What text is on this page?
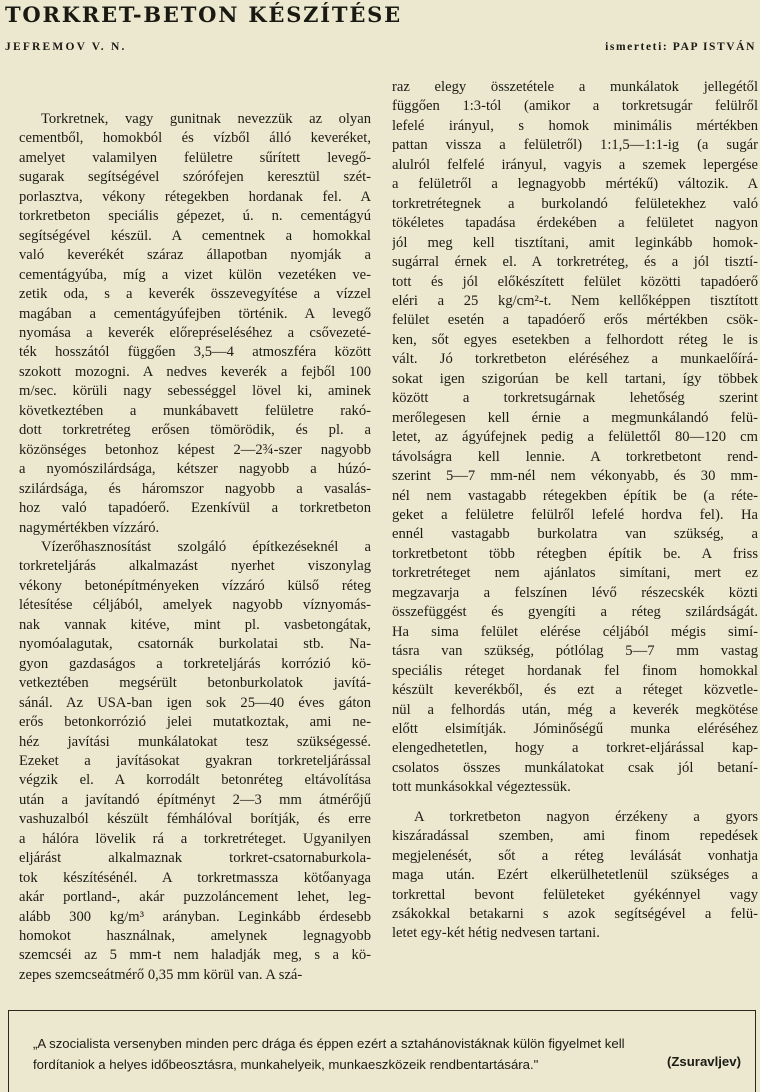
TORKRET-BETON KÉSZÍTÉSE
JEFREMOV V. N.	ismerteti: PAP ISTVÁN
Torkretnek, vagy gunitnak nevezzük az olyan
cementből, homokból és vízből álló keveréket,
amelyet valamilyen felületre sűrített levegő-
sugarak segítségével szórófejen keresztül szét-
porlasztva, vékony rétegekben hordanak fel. A
torkretbeton speciális gépezet, ú. n. cementágyú
segítségével készül. A cementnek a homokkal
való keverékét száraz állapotban nyomják a
cementágyúba, míg a vizet külön vezetéken ve-
zetik oda, s a keverék összevegyítése a vízzel
magában a cementágyúfejben történik. A levegő
nyomása a keverék előrepréseléséhez a csővezeté-
ték hosszától függően 3,5—4 atmoszféra között
szokott mozogni. A nedves keverék a fejből 100
m/sec. körüli nagy sebességgel lövel ki, aminek
következtében a munkábavett felületre rakó-
dott torkretréteg erősen tömörödik, és pl. a
közönséges betonhoz képest 2—2¾-szer nagyobb
a nyomószilárdsága, kétszer nagyobb a húzó-
szilárdsága, és háromszor nagyobb a vasalás-
hoz való tapadóerő. Ezenkívül a torkretbeton
nagymértékben vízzáró.
Vízerőhasznosítást szolgáló építkezéseknél a
torkreteljárás alkalmazást nyerhet viszonylag
vékony betonépítményeken vízzáró külső réteg
létesítése céljából, amelyek nagyobb víznyomás-
nak vannak kitéve, mint pl. vasbetongátak,
nyomóalagutak, csatornák burkolatai stb. Na-
gyon gazdaságos a torkreteljárás korrózió kö-
vetkeztében megsérült betonburkolatok javítá-
sánál. Az USA-ban igen sok 25—40 éves gáton
erős betonkorrózió jelei mutatkoztak, ami ne-
héz javítási munkálatokat tesz szükségessé.
Ezeket a javításokat gyakran torkreteljárással
végzik el. A korrodált betonréteg eltávolítása
után a javítandó építményt 2—3 mm átmérőjű
vashuzalból készült fémhálóval borítják, és erre
a hálóra lövelik rá a torkretréteget. Ugyanilyen
eljárást alkalmaznak torkret-csatornaburkola-
tok készítésénél. A torkretmassza kötőanyaga
akár portland-, akár puzzoláncement lehet, leg-
alább 300 kg/m³ arányban. Leginkább érdesebb
homokot használnak, amelynek legnagyobb
szemcséi az 5 mm-t nem haladják meg, s a kö-
zepes szemcseátmérő 0,35 mm körül van. A szá-
raz elegy összetétele a munkálatok jellegétől
függően 1:3-tól (amikor a torkretsugár felülről
lefelé irányul, s homok minimális mértékben
pattan vissza a felületről) 1:1,5—1:1-ig (a sugár
alulról felfelé irányul, vagyis a szemek lepergése
a felületről a legnagyobb mértékű) változik. A
torkretrétegnek a burkolandó felületekhez való
tökéletes tapadása érdekében a felületet nagyon
jól meg kell tisztítani, amit leginkább homok-
sugárral érnek el. A torkretréteg, és a jól tisztí-
tott és jól előkészített felület közötti tapadóerő
eléri a 25 kg/cm²-t. Nem kellőképpen tisztított
felület esetén a tapadóerő erős mértékben csök-
ken, sőt egyes esetekben a felhordott réteg le is
vált. Jó torkretbeton eléréséhez a munkaelőírá-
sokat igen szigorúan be kell tartani, így többek
között a torkretsugárnak lehetőség szerint
merőlegesen kell érnie a megmunkálandó felü-
letet, az ágyúfejnek pedig a felülettől 80—120 cm
távolságra kell lennie. A torkretbetont rend-
szerint 5—7 mm-nél nem vékonyabb, és 30 mm-
nél nem vastagabb rétegekben építik be (a réte-
geket a felületre felülről lefelé hordva fel). Ha
ennél vastagabb burkolatra van szükség, a
torkretbetont több rétegben építik be. A friss
torkretréteget nem ajánlatos simítani, mert ez
megzavarja a felszínen lévő részecskék közti
összefüggést és gyengíti a réteg szilárdságát.
Ha sima felület elérése céljából mégis simí-
tásra van szükség, pótlólag 5—7 mm vastag
speciális réteget hordanak fel finom homokkal
készült keverékből, és ezt a réteget közvetle-
nül a felhordás után, még a keverék megkötése
előtt elsimítják. Jóminőségű munka eléréséhez
elengedhetetlen, hogy a torkret-eljárással kap-
csolatos összes munkálatokat csak jól betaní-
tott munkásokkal végeztessük.
A torkretbeton nagyon érzékeny a gyors
kiszáradással szemben, ami finom repedések
megjelenését, sőt a réteg leválását vonhatja
maga után. Ezért elkerülhetetlenül szükséges a
torkrettal bevont felületeket gyékénnyel vagy
zsákokkal betakarni s azok segítségével a felü-
letet egy-két hétig nedvesen tartani.
„A szocialista versenyben minden perc drága és éppen ezért a sztahánovistáknak külön figyelmet kell
fordítaniok a helyes időbeosztásra, munkahelyeik, munkaeszközeik rendbentartására."	(Zsuravljev)
